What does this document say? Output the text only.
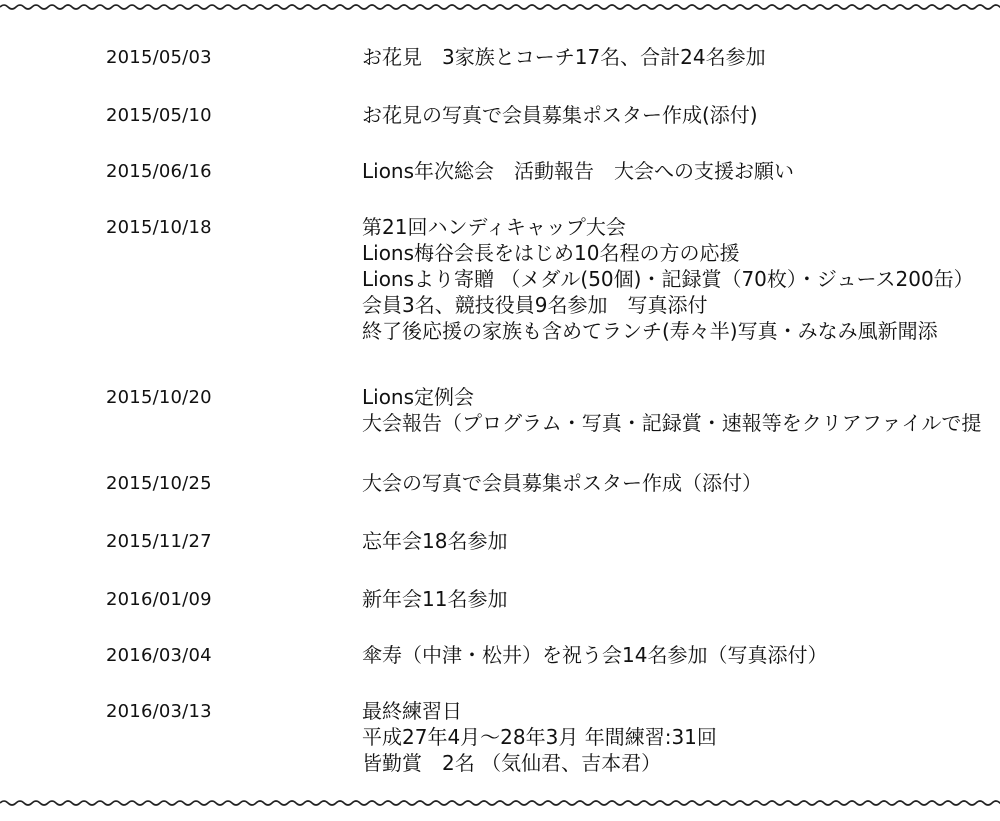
2015/05/03	お花見　3家族とコーチ17名、合計24名参加
2015/05/10	お花見の写真で会員募集ポスター作成(添付)
2015/06/16	Lions年次総会　活動報告　大会への支援お願い
2015/10/18	第21回ハンディキャップ大会
Lions梅谷会長をはじめ10名程の方の応援
Lionsより寄贈 （メダル(50個)・記録賞（70枚）・ジュース200缶）
会員3名、競技役員9名参加　写真添付
終了後応援の家族も含めてランチ(寿々半)写真・みなみ風新聞添
2015/10/20	Lions定例会
大会報告（プログラム・写真・記録賞・速報等をクリアファイルで提
2015/10/25	大会の写真で会員募集ポスター作成（添付）
2015/11/27	忘年会18名参加
2016/01/09	新年会11名参加
2016/03/04	傘寿（中津・松井）を祝う会14名参加（写真添付）
2016/03/13	最終練習日
平成27年4月～28年3月 年間練習:31回
皆勤賞　2名 （気仙君、吉本君）
